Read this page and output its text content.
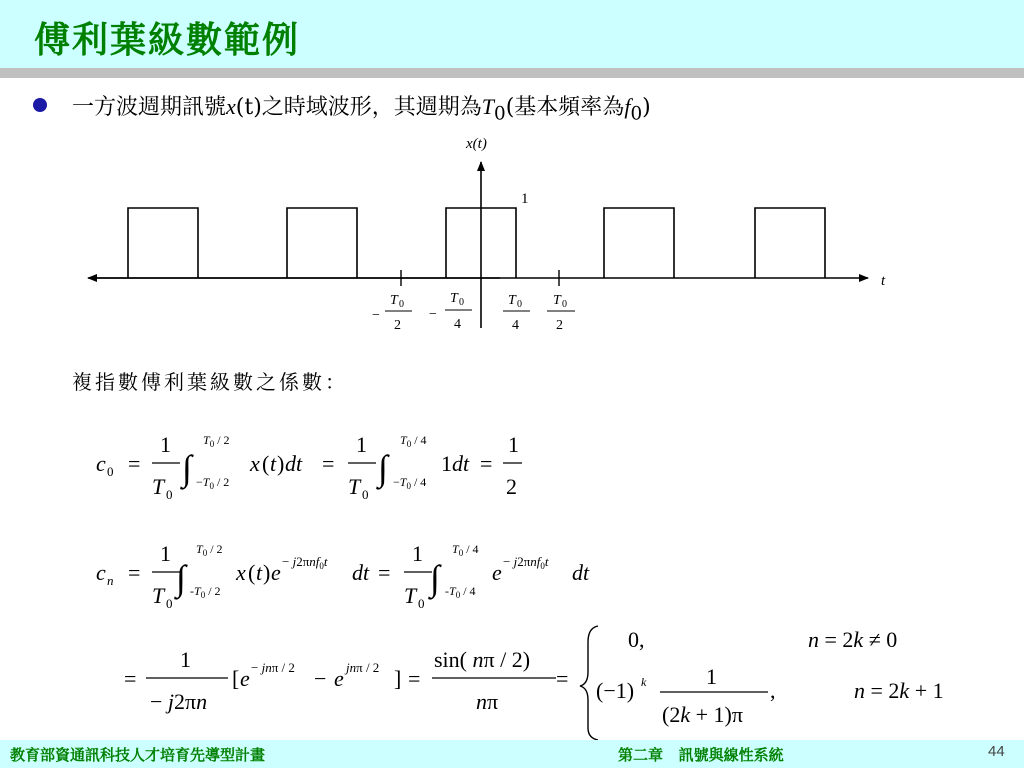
傅利葉級數範例
一方波週期訊號x(t)之時域波形，其週期為$T_0$(基本頻率為$f_0$)
x(t)
t
1
−
T 0
2
−
T 0
4
T 0
4
T 0
2
複指數傅利葉級數之係數：
c 0 =
1
T 0
∫
$T_0 / 2$
$-T_0 / 2$
x ( t ) dt =
1
T 0
∫
$T_0 / 4$
$-T_0 / 4$
1 dt =
1
2
c n =
1
T 0
∫
$T_0 / 2$
$-T_0 / 2$
x ( t ) e − j2πnf$_0$t dt =
1
T 0
∫
$T_0 / 4$
$-T_0 / 4$
e − j2πnf$_0$t dt
=
1
− j2πn
[ e − jnπ / 2 − e jnπ / 2 ] =
sin( nπ / 2)
nπ
=
0,	n = 2k ≠ 0
(−1) k	1
(2k + 1)π
,	n = 2k + 1
教育部資通訊科技人才培育先導型計畫	第二章   訊號與線性系統	44
